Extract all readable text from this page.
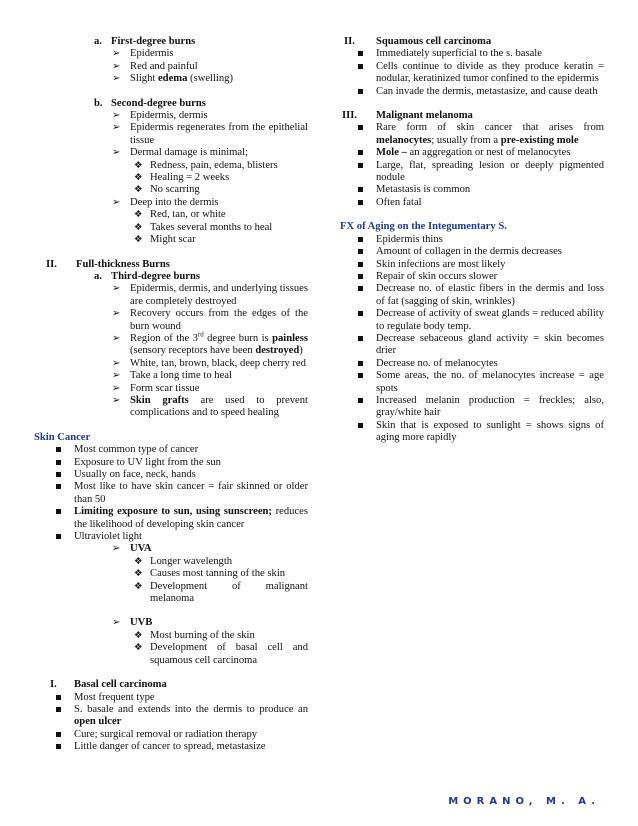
a. First-degree burns
➢ Epidermis
➢ Red and painful
➢ Slight edema (swelling)
b. Second-degree burns
➢ Epidermis, dermis
➢ Epidermis regenerates from the epithelial tissue
➢ Dermal damage is minimal;
❖ Redness, pain, edema, blisters
❖ Healing = 2 weeks
❖ No scarring
➢ Deep into the dermis
❖ Red, tan, or white
❖ Takes several months to heal
❖ Might scar
II. Full-thickness Burns
a. Third-degree burns
➢ Epidermis, dermis, and underlying tissues are completely destroyed
➢ Recovery occurs from the edges of the burn wound
➢ Region of the 3rd degree burn is painless (sensory receptors have been destroyed)
➢ White, tan, brown, black, deep cherry red
➢ Take a long time to heal
➢ Form scar tissue
➢ Skin grafts are used to prevent complications and to speed healing
Skin Cancer
Most common type of cancer
Exposure to UV light from the sun
Usually on face, neck, hands
Most like to have skin cancer = fair skinned or older than 50
Limiting exposure to sun, using sunscreen; reduces the likelihood of developing skin cancer
Ultraviolet light
➢ UVA
❖ Longer wavelength
❖ Causes most tanning of the skin
❖ Development of malignant melanoma
➢ UVB
❖ Most burning of the skin
❖ Development of basal cell and squamous cell carcinoma
I. Basal cell carcinoma
Most frequent type
S. basale and extends into the dermis to produce an open ulcer
Cure; surgical removal or radiation therapy
Little danger of cancer to spread, metastasize
II. Squamous cell carcinoma
Immediately superficial to the s. basale
Cells continue to divide as they produce keratin = nodular, keratinized tumor confined to the epidermis
Can invade the dermis, metastasize, and cause death
III. Malignant melanoma
Rare form of skin cancer that arises from melanocytes; usually from a pre-existing mole
Mole – an aggregation or nest of melanocytes
Large, flat, spreading lesion or deeply pigmented nodule
Metastasis is common
Often fatal
FX of Aging on the Integumentary S.
Epidermis thins
Amount of collagen in the dermis decreases
Skin infections are most likely
Repair of skin occurs slower
Decrease no. of elastic fibers in the dermis and loss of fat (sagging of skin, wrinkles)
Decrease of activity of sweat glands = reduced ability to regulate body temp.
Decrease sebaceous gland activity = skin becomes drier
Decrease no. of melanocytes
Some areas, the no. of melanocytes increase = age spots
Increased melanin production = freckles; also, gray/white hair
Skin that is exposed to sunlight = shows signs of aging more rapidly
MORANO, M. A.
